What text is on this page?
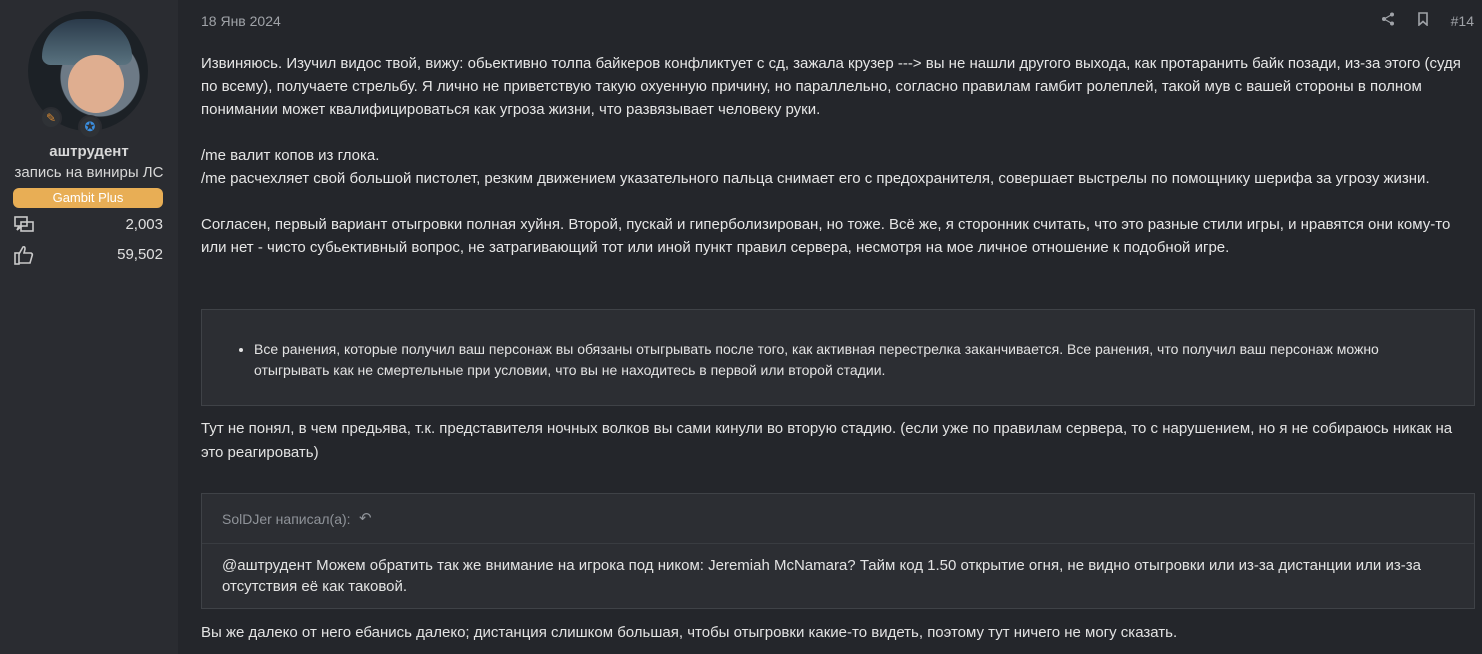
✎
✪
аштрудент
запись на виниры ЛС
Gambit Plus
2,003
59,502
18 Янв 2024	#14

Извиняюсь. Изучил видос твой, вижу: обьективно толпа байкеров конфликтует с сд, зажала крузер ---> вы не нашли другого выхода, как протаранить байк позади, из-за этого (судя по всему), получаете стрельбу. Я лично не приветствую такую охуенную причину, но параллельно, согласно правилам гамбит ролеплей, такой мув с вашей стороны в полном понимании может квалифицироваться как угроза жизни, что развязывает человеку руки.

/me валит копов из глока.

/me расчехляет свой большой пистолет, резким движением указательного пальца снимает его с предохранителя, совершает выстрелы по помощнику шерифа за угрозу жизни.

Согласен, первый вариант отыгровки полная хуйня. Второй, пускай и гиперболизирован, но тоже. Всё же, я сторонник считать, что это разные стили игры, и нравятся они кому-то или нет - чисто субьективный вопрос, не затрагивающий тот или иной пункт правил сервера, несмотря на мое личное отношение к подобной игре.

• Все ранения, которые получил ваш персонаж вы обязаны отыгрывать после того, как активная перестрелка заканчивается. Все ранения, что получил ваш персонаж можно отыгрывать как не смертельные при условии, что вы не находитесь в первой или второй стадии.
Тут не понял, в чем предьява, т.к. представителя ночных волков вы сами кинули во вторую стадию. (если уже по правилам сервера, то с нарушением, но я не собираюсь никак на это реагировать)
SolDJer написал(а): ↶
@аштрудент Можем обратить так же внимание на игрока под ником: Jeremiah McNamara? Тайм код 1.50 открытие огня, не видно отыгровки или из-за дистанции или из-за отсутствия её как таковой.
Вы же далеко от него ебанись далеко; дистанция слишком большая, чтобы отыгровки какие-то видеть, поэтому тут ничего не могу сказать.
